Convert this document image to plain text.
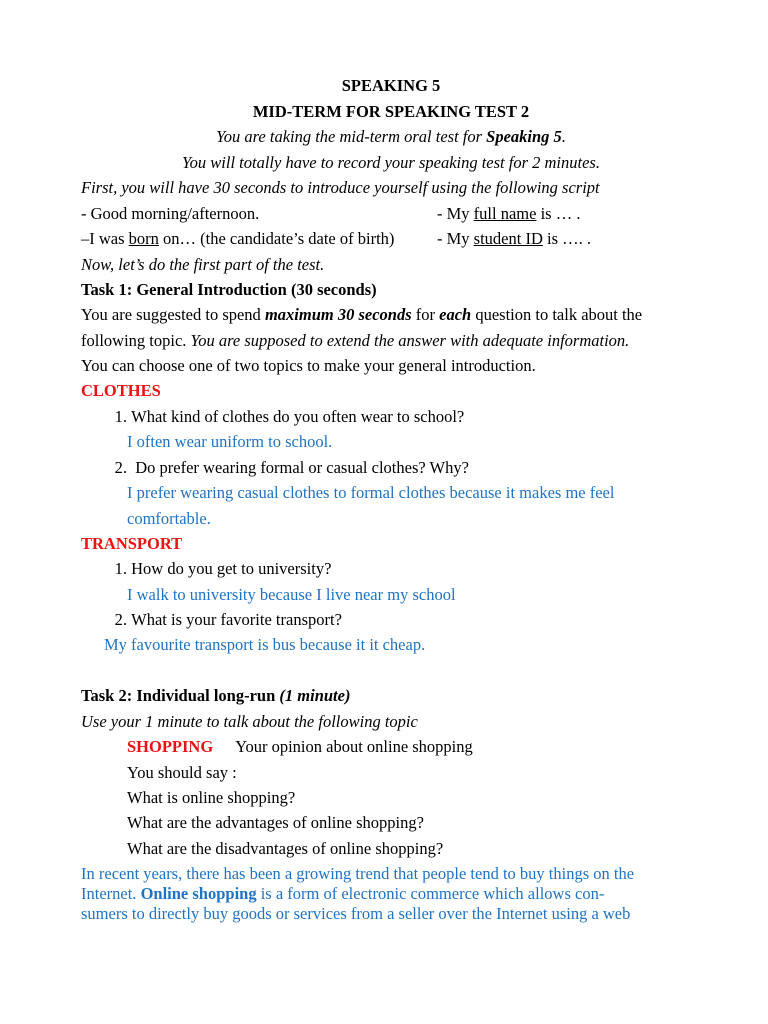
SPEAKING 5
MID-TERM FOR SPEAKING TEST 2
You are taking the mid-term oral test for Speaking 5.
You will totally have to record your speaking test for 2 minutes.
First, you will have 30 seconds to introduce yourself using the following script
- Good morning/afternoon.	- My full name is … .
–I was born on… (the candidate’s date of birth)	- My student ID is …. .
Now, let’s do the first part of the test.
Task 1: General Introduction (30 seconds)
You are suggested to spend maximum 30 seconds for each question to talk about the
following topic. You are supposed to extend the answer with adequate information.
You can choose one of two topics to make your general introduction.
CLOTHES
1. What kind of clothes do you often wear to school?
I often wear uniform to school.
2.  Do prefer wearing formal or casual clothes? Why?
I prefer wearing casual clothes to formal clothes because it makes me feel
comfortable.
TRANSPORT
1. How do you get to university?
I walk to university because I live near my school
2. What is your favorite transport?
My favourite transport is bus because it it cheap.
Task 2: Individual long-run (1 minute)
Use your 1 minute to talk about the following topic
SHOPPING Your opinion about online shopping
You should say :
What is online shopping?
What are the advantages of online shopping?
What are the disadvantages of online shopping?
In recent years, there has been a growing trend that people tend to buy things on the
Internet. Online shopping is a form of electronic commerce which allows con-
sumers to directly buy goods or services from a seller over the Internet using a web
